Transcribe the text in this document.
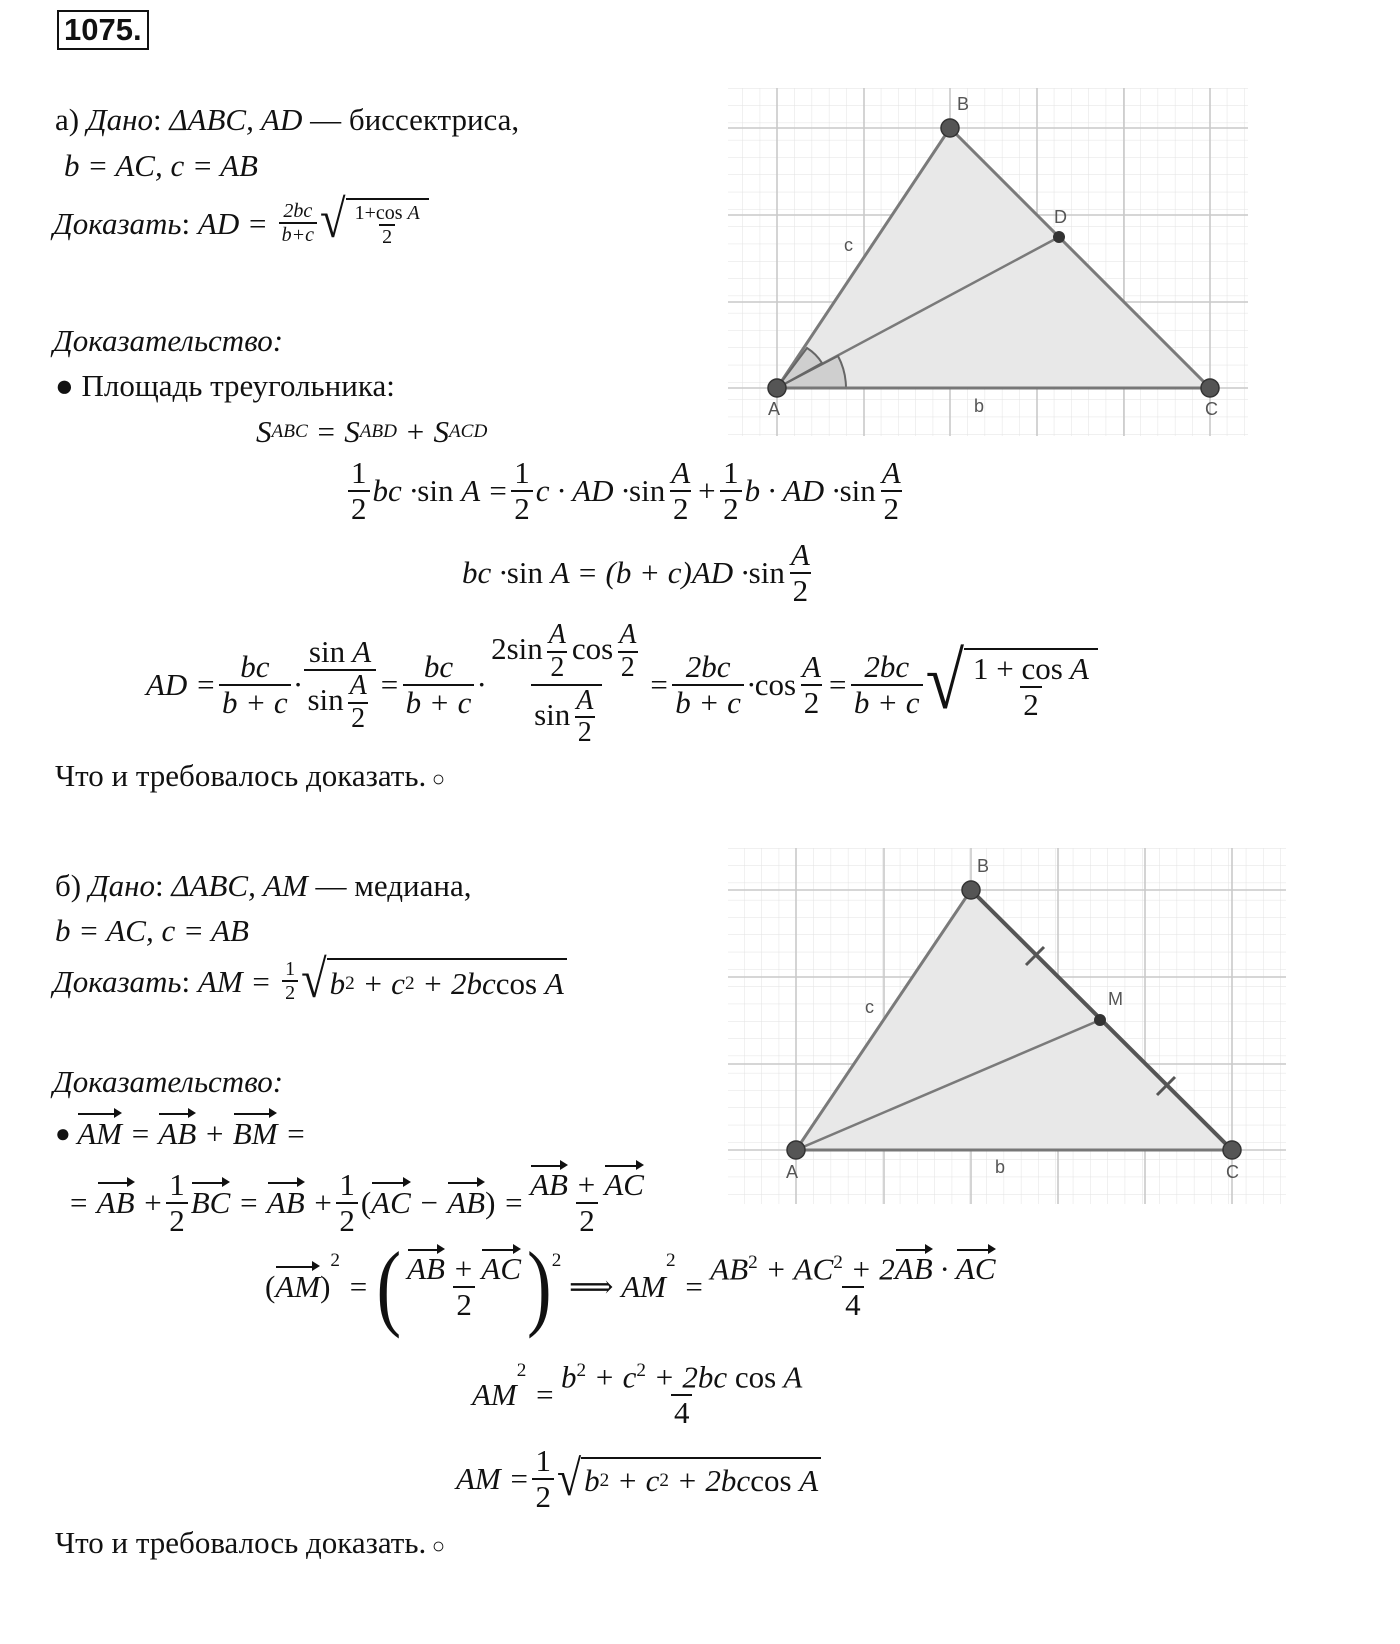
1075.
а) Дано: ΔABC, AD — биссектриса,
b = AC, c = AB
Доказать : AD = $\frac{2bc}{b+c}$ √ $\frac{\text{1+cos A}}{2}$
Доказательство:
● Площадь треугольника:
S ABC = S ABD + S ACD
$\frac{1}{2}$ bc · $\sin A = \frac{1}{2}$ c · AD · $\sin \frac{A}{2} + \frac{1}{2}$ b · AD · $\sin \frac{A}{2}$
bc · $\sin A = (b + c)AD \cdot \sin \frac{A}{2}$
AD = $\frac{bc}{b + c} \cdot \frac{\text{sin A}}{\sin \frac{A}{2}} = \frac{bc}{b + c} \cdot \frac{2\sin \frac{A}{2} \cos \frac{A}{2}}{\sin \frac{A}{2}} = \frac{2bc}{b + c} \cdot \cos \frac{A}{2} = \frac{2bc}{b + c}$ √ $\frac{\text{1 + cos A}}{2}$
Что и требовалось доказать. ○
A
B
C
D
b
c
б) Дано: ΔABC, AM — медиана,
b = AC, c = AB
Доказать : AM = $\frac{1}{2}$ √ b 2 + c 2 + 2bc cos A
Доказательство:
● AM = AB + BM =
= AB + $\frac{1}{2}$ BC = AB + $\frac{1}{2}$ ( AC − AB ) = $\frac{AB + AC}{2}$
( AM )
$^2$
= ( $\frac{AB + AC}{2} )^2$

⟹ AM
$^2$
= $\frac{AB^2 + AC^2 + 2AB \cdot AC}{4}$
AM
2
= $\frac{b^2 + c^2 + 2bc \cos A}{4}$
AM = $\frac{1}{2}$ √ b 2 + c 2 + 2bc cos A
Что и требовалось доказать. ○
A
B
C
M
b
c
